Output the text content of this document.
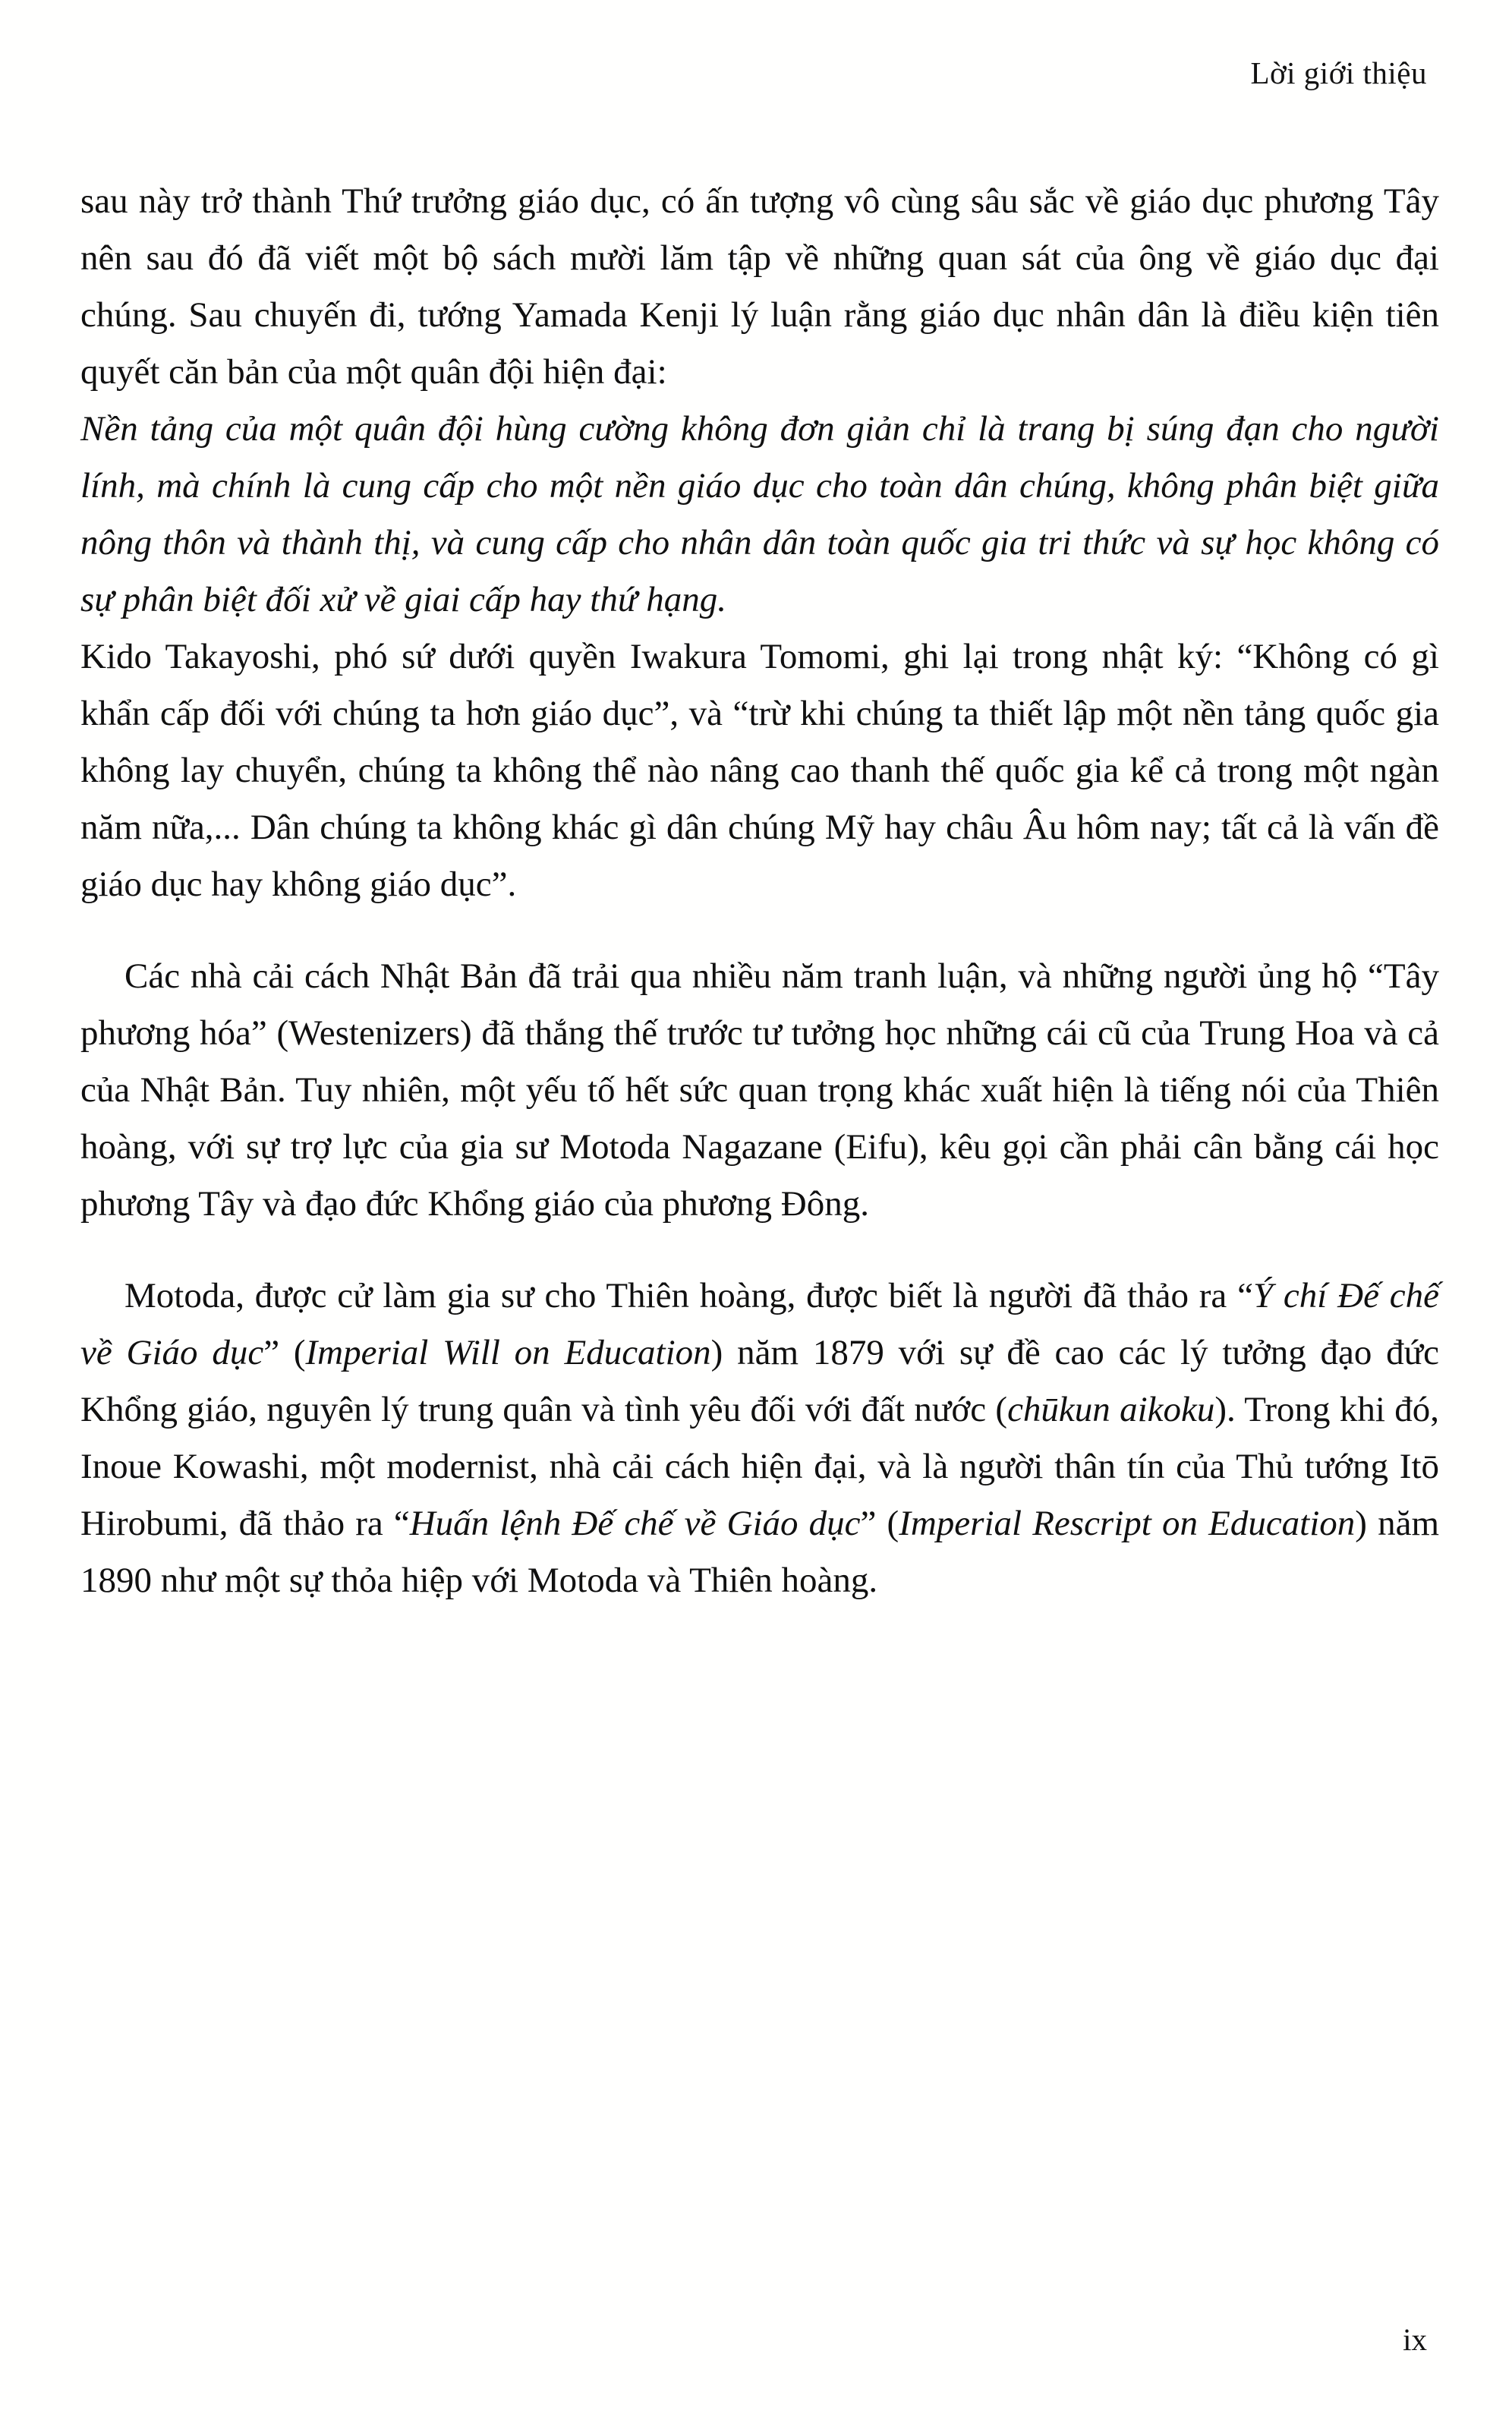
Lời giới thiệu

sau này trở thành Thứ trưởng giáo dục, có ấn tượng vô cùng sâu sắc về giáo dục phương Tây nên sau đó đã viết một bộ sách mười lăm tập về những quan sát của ông về giáo dục đại chúng. Sau chuyến đi, tướng Yamada Kenji lý luận rằng giáo dục nhân dân là điều kiện tiên quyết căn bản của một quân đội hiện đại:

Nền tảng của một quân đội hùng cường không đơn giản chỉ là trang bị súng đạn cho người lính, mà chính là cung cấp cho một nền giáo dục cho toàn dân chúng, không phân biệt giữa nông thôn và thành thị, và cung cấp cho nhân dân toàn quốc gia tri thức và sự học không có sự phân biệt đối xử về giai cấp hay thứ hạng.

Kido Takayoshi, phó sứ dưới quyền Iwakura Tomomi, ghi lại trong nhật ký: “Không có gì khẩn cấp đối với chúng ta hơn giáo dục”, và “trừ khi chúng ta thiết lập một nền tảng quốc gia không lay chuyển, chúng ta không thể nào nâng cao thanh thế quốc gia kể cả trong một ngàn năm nữa,... Dân chúng ta không khác gì dân chúng Mỹ hay châu Âu hôm nay; tất cả là vấn đề giáo dục hay không giáo dục”.

Các nhà cải cách Nhật Bản đã trải qua nhiều năm tranh luận, và những người ủng hộ “Tây phương hóa” (Westenizers) đã thắng thế trước tư tưởng học những cái cũ của Trung Hoa và cả của Nhật Bản. Tuy nhiên, một yếu tố hết sức quan trọng khác xuất hiện là tiếng nói của Thiên hoàng, với sự trợ lực của gia sư Motoda Nagazane (Eifu), kêu gọi cần phải cân bằng cái học phương Tây và đạo đức Khổng giáo của phương Đông.

Motoda, được cử làm gia sư cho Thiên hoàng, được biết là người đã thảo ra “Ý chí Đế chế về Giáo dục” (Imperial Will on Education) năm 1879 với sự đề cao các lý tưởng đạo đức Khổng giáo, nguyên lý trung quân và tình yêu đối với đất nước (chūkun aikoku). Trong khi đó, Inoue Kowashi, một modernist, nhà cải cách hiện đại, và là người thân tín của Thủ tướng Itō Hirobumi, đã thảo ra “Huấn lệnh Đế chế về Giáo dục” (Imperial Rescript on Education) năm 1890 như một sự thỏa hiệp với Motoda và Thiên hoàng.

ix
